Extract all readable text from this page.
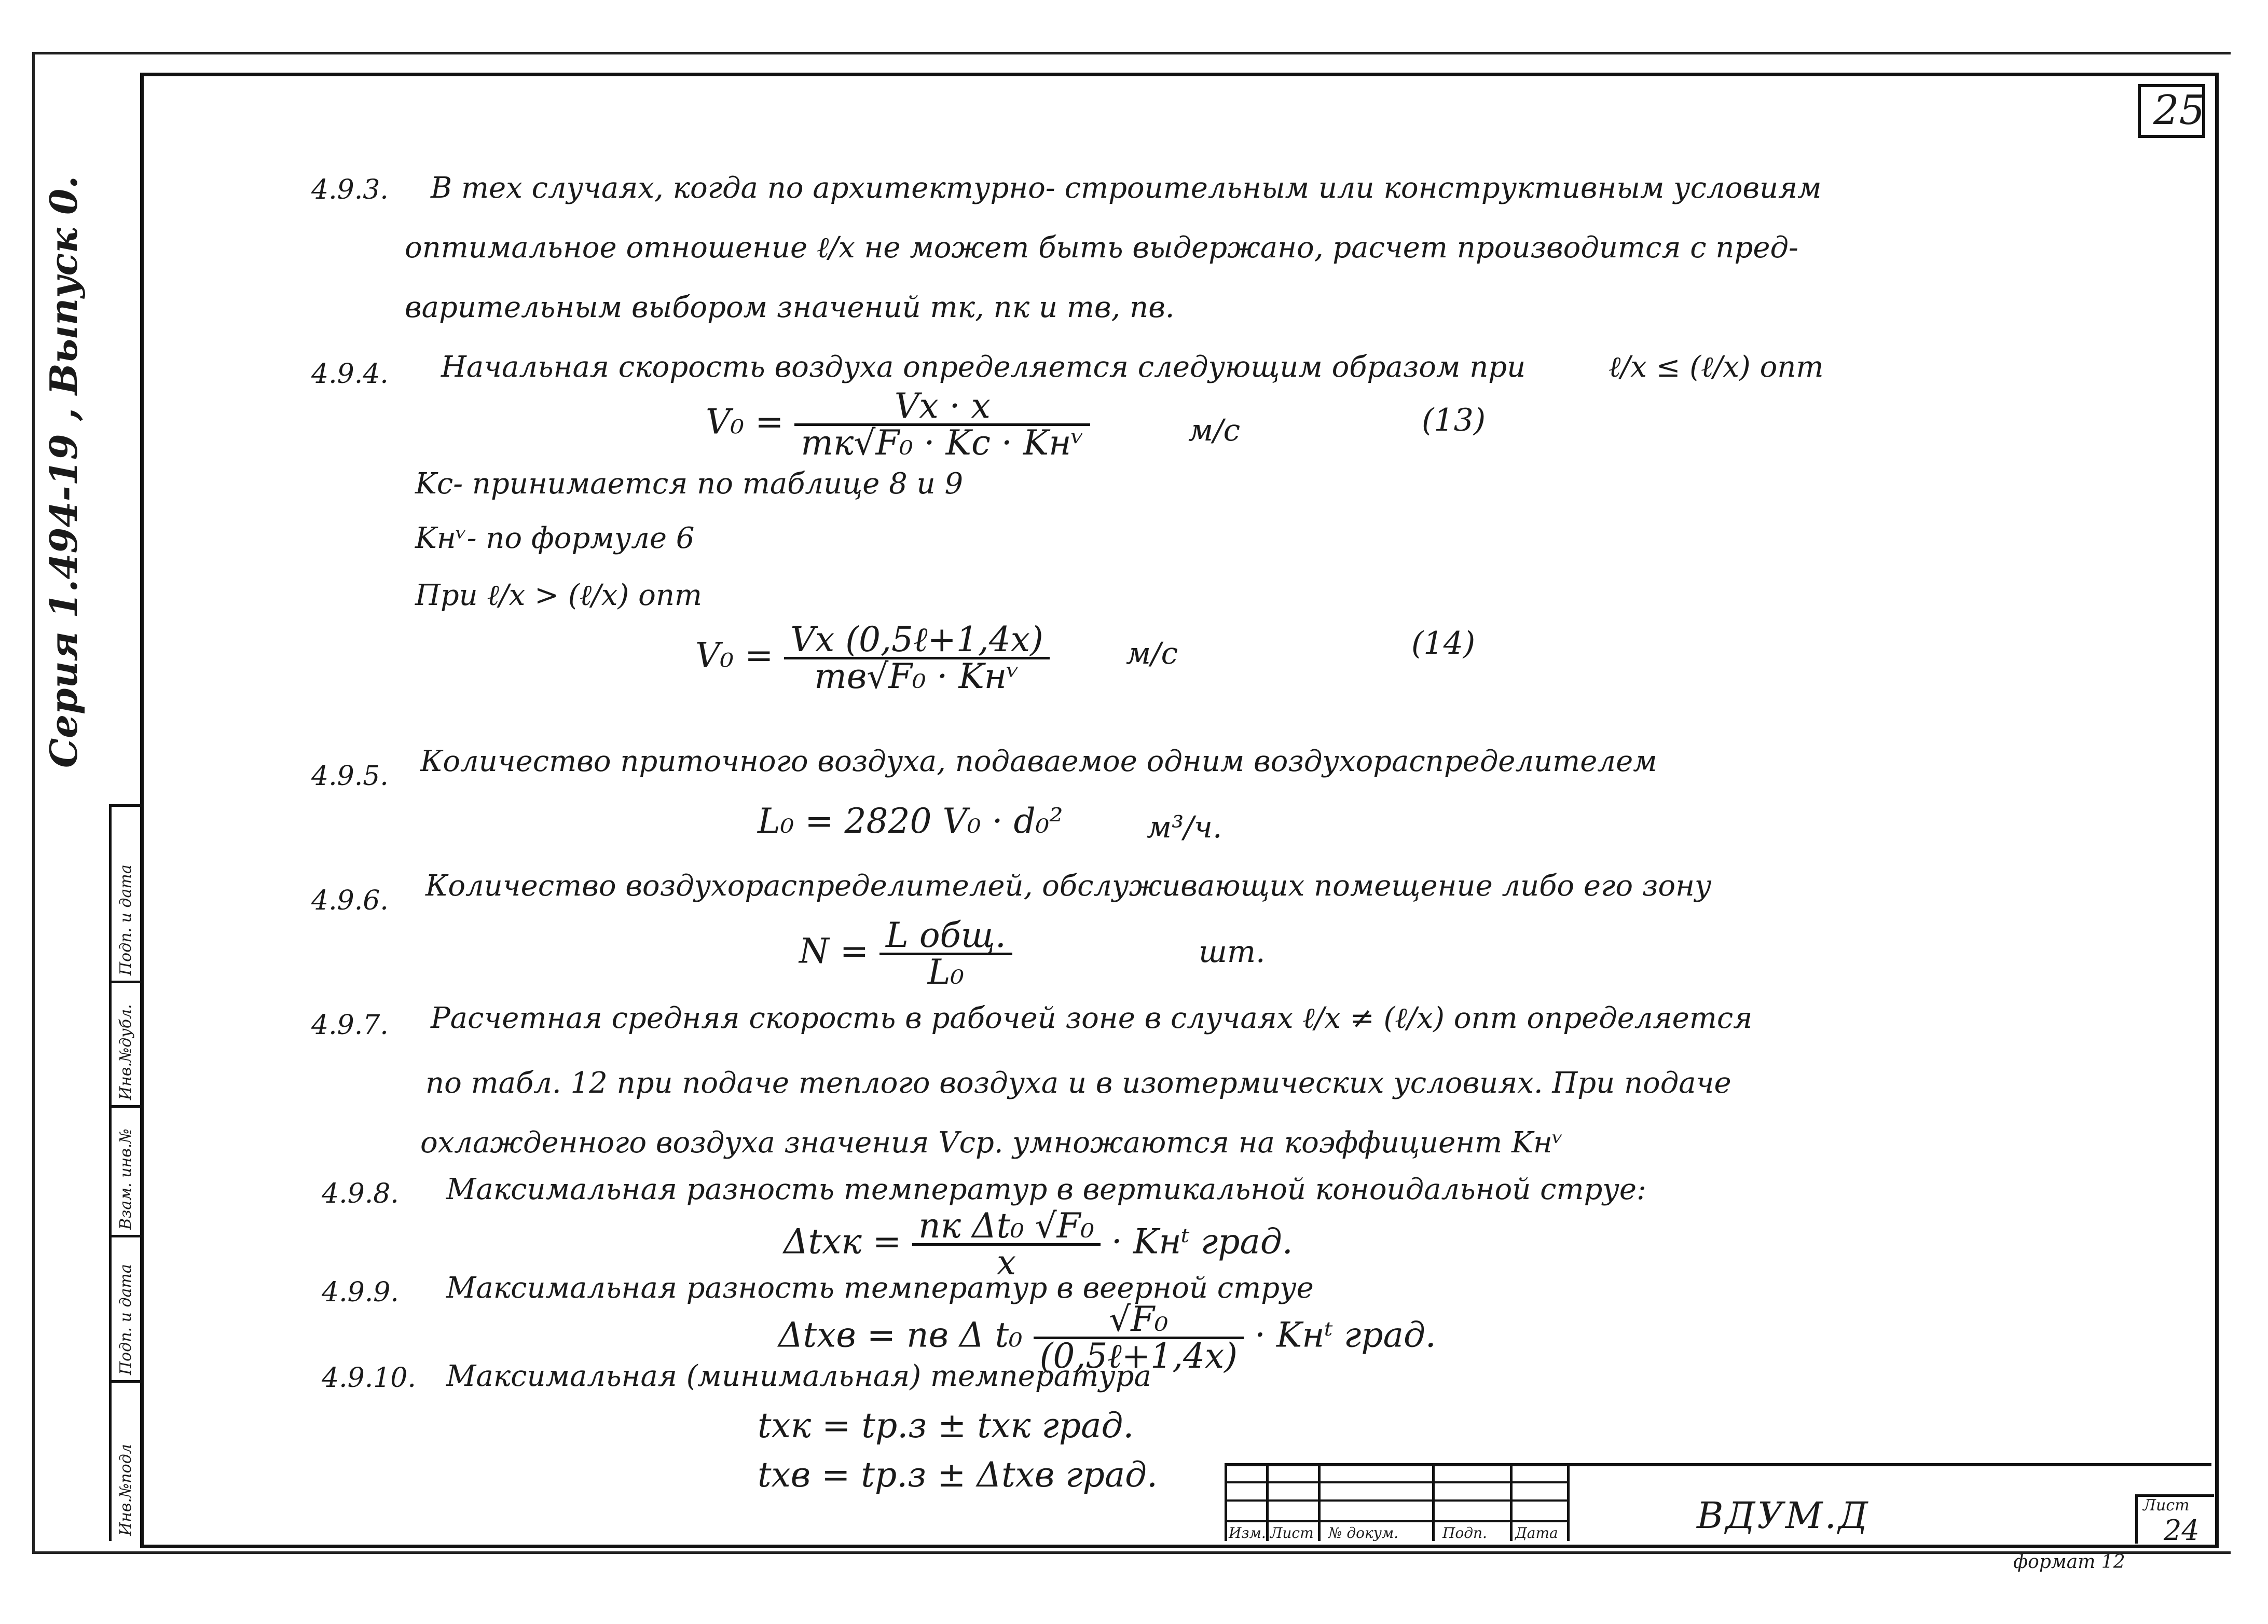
25
Серия 1.494-19 , Выпуск 0.
Инв.№подл
Подп. и дата
Взам. инв.№
Инв.№дубл.
Подп. и дата
4.9.3. В тех случаях, когда по архитектурно- строительным или конструктивным условиям
оптимальное отношение ℓ/x не может быть выдержано, расчет производится с пред-
варительным выбором значений mк, nк и mв, nв.
4.9.4. Начальная скорость воздуха определяется следующим образом при	ℓ/x ≤ (ℓ/x) опт
$V_0 = \frac{Vx \cdot x}{\text{mк√F₀ · Kс · Kнᵛ}}$	м/с	(13)
Kс- принимается по таблице 8 и 9
Kнᵛ- по формуле 6
При ℓ/x > (ℓ/x) опт
$V_0 = \frac{\text{Vx (0,5ℓ+1,4x)}}{\text{mв√F₀ · Kнᵛ}}$	м/с	(14)
4.9.5. Количество приточного воздуха, подаваемое одним воздухораспределителем
L₀ = 2820 V₀ · d₀²	м³/ч.
4.9.6. Количество воздухораспределителей, обслуживающих помещение либо его зону
$N = \frac{\text{L общ.}}{\text{L₀}}$	шт.
4.9.7. Расчетная средняя скорость в рабочей зоне в случаях ℓ/x ≠ (ℓ/x) опт определяется
по табл. 12 при подаче теплого воздуха и в изотермических условиях. При подаче
охлажденного воздуха значения Vср. умножаются на коэффициент Kнᵛ
4.9.8. Максимальная разность температур в вертикальной коноидальной струе:
$\Delta txк = \frac{\text{nк Δt₀ √F₀}}{x}$ · Kнᵗ град.
4.9.9. Максимальная разность температур в веерной струе
Δtxв = nв Δ $t_0 \frac{\text{√F₀}}{\text{(0,5ℓ+1,4x)}}$ · Kнᵗ град.
4.9.10. Максимальная (минимальная) температура
txк = tр.з ± txк град.
txв = tр.з ± Δtxв град.
Изм. Лист № докум.	Подп. Дата	ВДУМ.Д	Лист
24
формат 12
